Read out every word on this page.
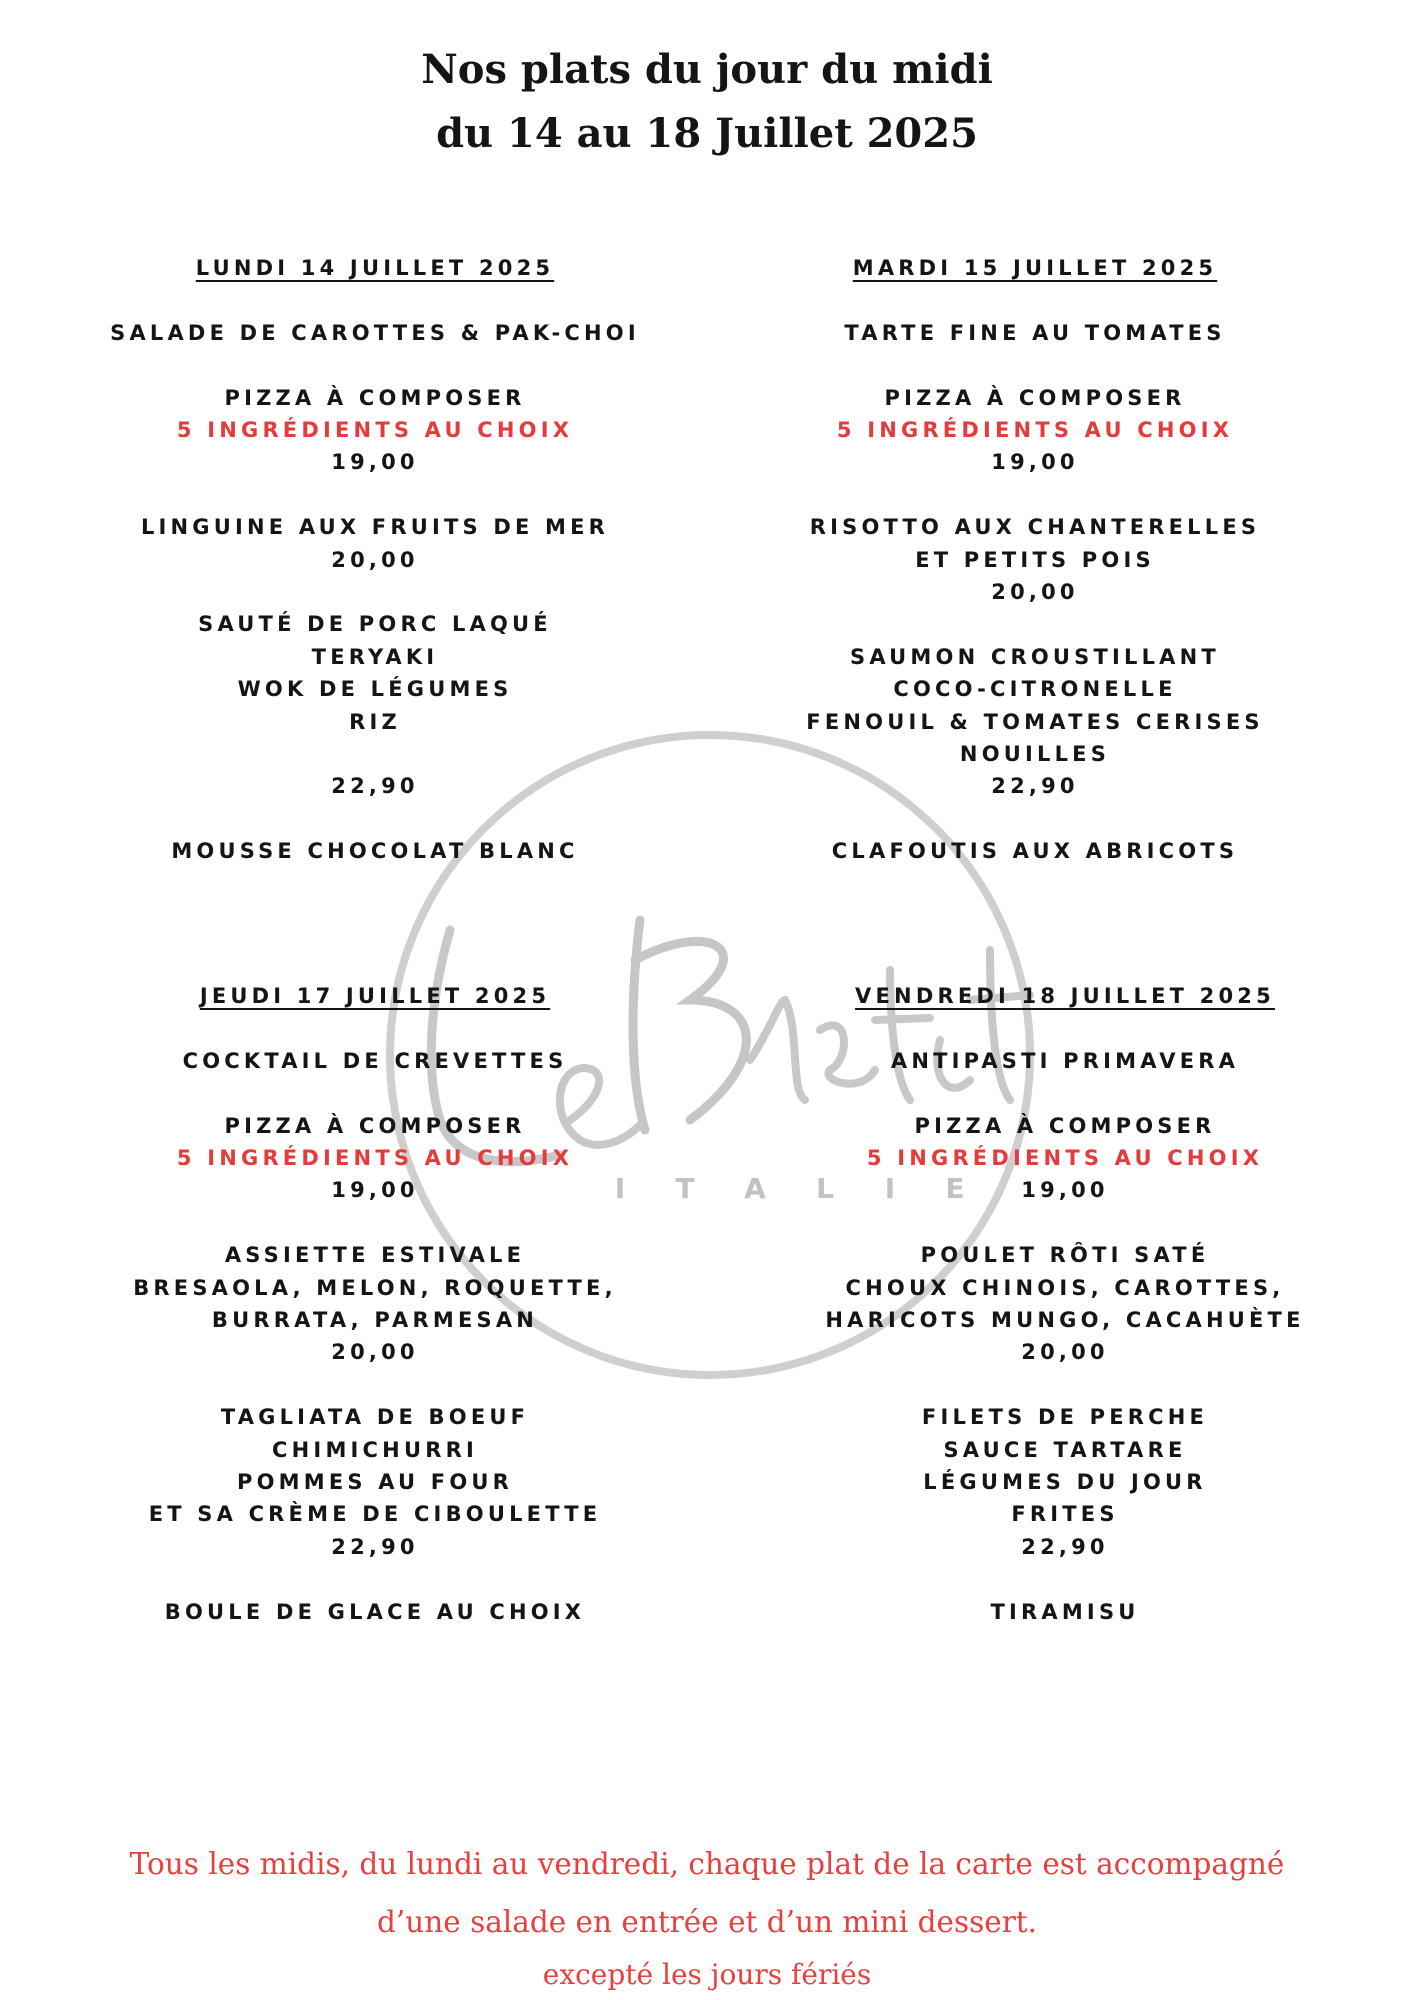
Nos plats du jour du midi
du 14 au 18 Juillet 2025
I T A L I E
LUNDI 14 JUILLET 2025
SALADE DE CAROTTES & PAK-CHOI
PIZZA À COMPOSER
5 INGRÉDIENTS AU CHOIX
19,00
LINGUINE AUX FRUITS DE MER
20,00
SAUTÉ DE PORC LAQUÉ
TERYAKI
WOK DE LÉGUMES
RIZ
22,90
MOUSSE CHOCOLAT BLANC
MARDI 15 JUILLET 2025
TARTE FINE AU TOMATES
PIZZA À COMPOSER
5 INGRÉDIENTS AU CHOIX
19,00
RISOTTO AUX CHANTERELLES
ET PETITS POIS
20,00
SAUMON CROUSTILLANT
COCO-CITRONELLE
FENOUIL & TOMATES CERISES
NOUILLES
22,90
CLAFOUTIS AUX ABRICOTS
JEUDI 17 JUILLET 2025
COCKTAIL DE CREVETTES
PIZZA À COMPOSER
5 INGRÉDIENTS AU CHOIX
19,00
ASSIETTE ESTIVALE
BRESAOLA, MELON, ROQUETTE,
BURRATA, PARMESAN
20,00
TAGLIATA DE BOEUF
CHIMICHURRI
POMMES AU FOUR
ET SA CRÈME DE CIBOULETTE
22,90
BOULE DE GLACE AU CHOIX
VENDREDI 18 JUILLET 2025
ANTIPASTI PRIMAVERA
PIZZA À COMPOSER
5 INGRÉDIENTS AU CHOIX
19,00
POULET RÔTI SATÉ
CHOUX CHINOIS, CAROTTES,
HARICOTS MUNGO, CACAHUÈTE
20,00
FILETS DE PERCHE
SAUCE TARTARE
LÉGUMES DU JOUR
FRITES
22,90
TIRAMISU
Tous les midis, du lundi au vendredi, chaque plat de la carte est accompagné
d’une salade en entrée et d’un mini dessert.
excepté les jours fériés
